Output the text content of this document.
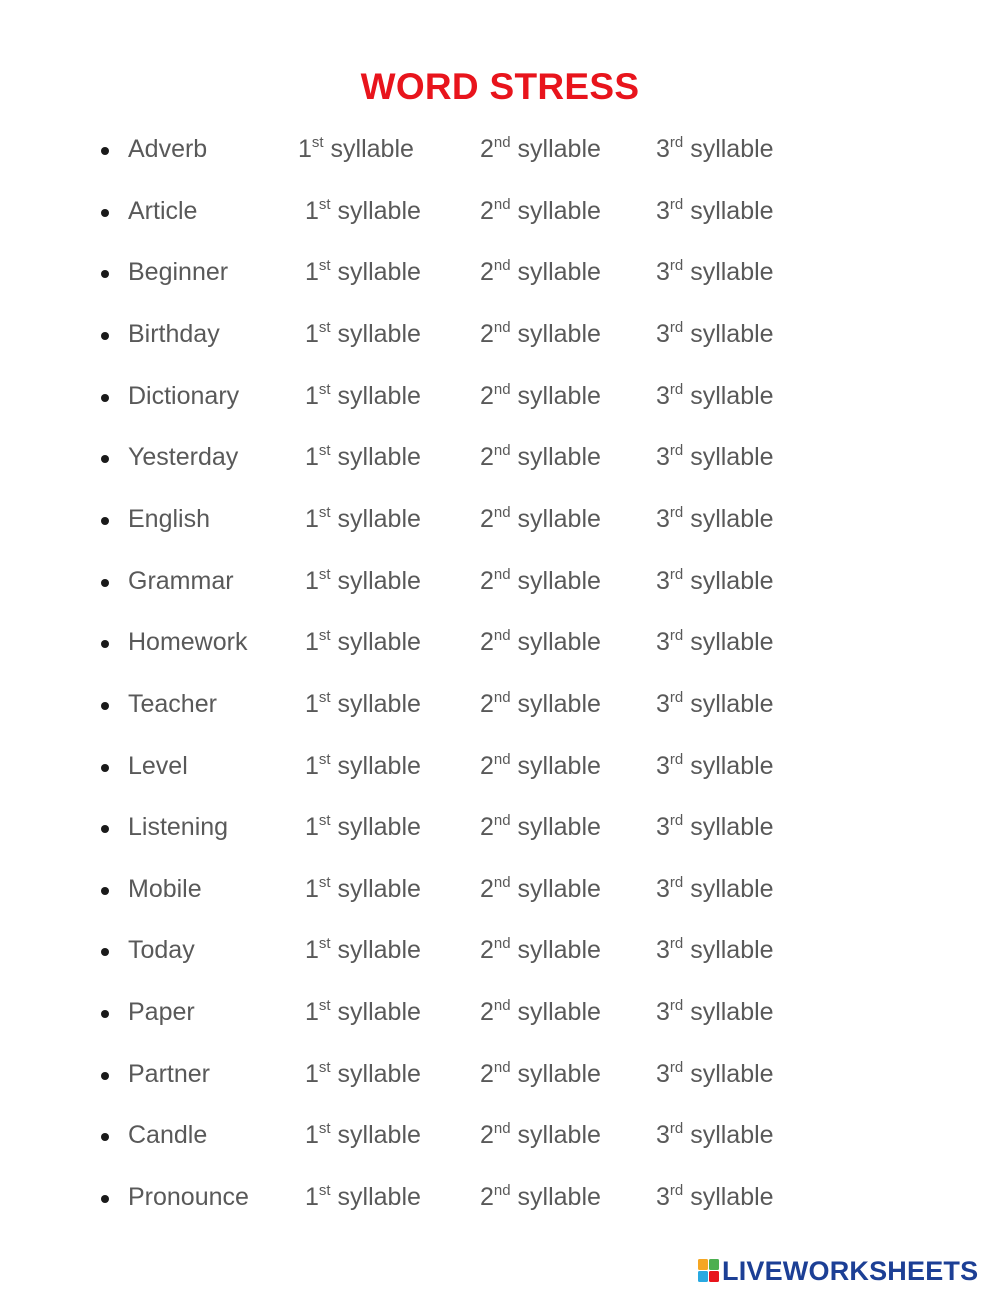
WORD STRESS
Adverb	1st syllable	2nd syllable 3rd syllable
Article	1st syllable 2nd syllable 3rd syllable
Beginner	1st syllable 2nd syllable 3rd syllable
Birthday	1st syllable 2nd syllable 3rd syllable
Dictionary	1st syllable 2nd syllable 3rd syllable
Yesterday	1st syllable 2nd syllable 3rd syllable
English	1st syllable 2nd syllable 3rd syllable
Grammar	1st syllable 2nd syllable 3rd syllable
Homework 1st syllable 2nd syllable 3rd syllable
Teacher	1st syllable 2nd syllable 3rd syllable
Level	1st syllable 2nd syllable 3rd syllable
Listening	1st syllable 2nd syllable 3rd syllable
Mobile	1st syllable 2nd syllable 3rd syllable
Today	1st syllable 2nd syllable 3rd syllable
Paper	1st syllable 2nd syllable 3rd syllable
Partner	1st syllable 2nd syllable 3rd syllable
Candle	1st syllable 2nd syllable 3rd syllable
Pronounce 1st syllable 2nd syllable 3rd syllable
LIVEWORKSHEETS
